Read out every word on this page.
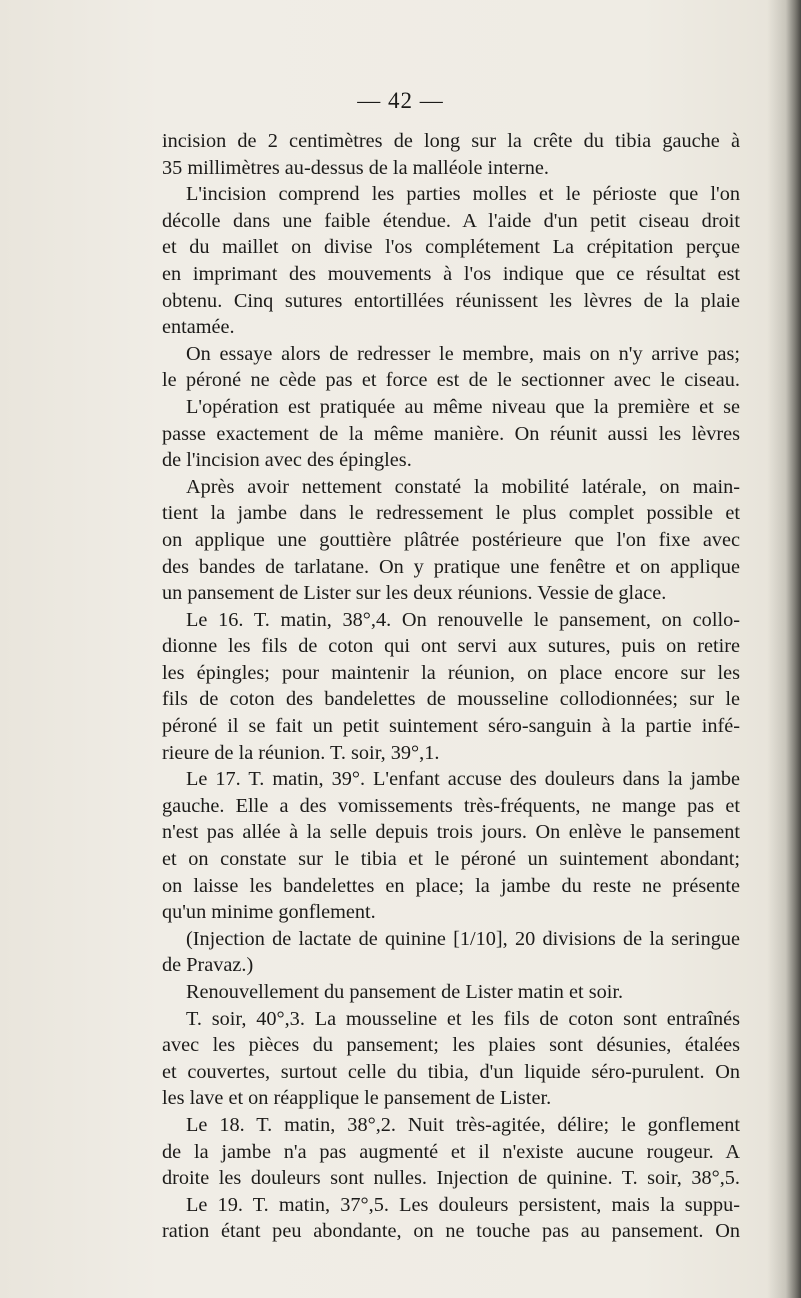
— 42 —
incision de 2 centimètres de long sur la crête du tibia gauche à
35 millimètres au-dessus de la malléole interne.
L'incision comprend les parties molles et le périoste que l'on
décolle dans une faible étendue. A l'aide d'un petit ciseau droit
et du maillet on divise l'os complétement La crépitation perçue
en imprimant des mouvements à l'os indique que ce résultat est
obtenu. Cinq sutures entortillées réunissent les lèvres de la plaie
entamée.
On essaye alors de redresser le membre, mais on n'y arrive pas;
le péroné ne cède pas et force est de le sectionner avec le ciseau.
L'opération est pratiquée au même niveau que la première et se
passe exactement de la même manière. On réunit aussi les lèvres
de l'incision avec des épingles.
Après avoir nettement constaté la mobilité latérale, on main-
tient la jambe dans le redressement le plus complet possible et
on applique une gouttière plâtrée postérieure que l'on fixe avec
des bandes de tarlatane. On y pratique une fenêtre et on applique
un pansement de Lister sur les deux réunions. Vessie de glace.
Le 16. T. matin, 38°,4. On renouvelle le pansement, on collo-
dionne les fils de coton qui ont servi aux sutures, puis on retire
les épingles; pour maintenir la réunion, on place encore sur les
fils de coton des bandelettes de mousseline collodionnées; sur le
péroné il se fait un petit suintement séro-sanguin à la partie infé-
rieure de la réunion. T. soir, 39°,1.
Le 17. T. matin, 39°. L'enfant accuse des douleurs dans la jambe
gauche. Elle a des vomissements très-fréquents, ne mange pas et
n'est pas allée à la selle depuis trois jours. On enlève le pansement
et on constate sur le tibia et le péroné un suintement abondant;
on laisse les bandelettes en place; la jambe du reste ne présente
qu'un minime gonflement.
(Injection de lactate de quinine [1/10], 20 divisions de la seringue
de Pravaz.)
Renouvellement du pansement de Lister matin et soir.
T. soir, 40°,3. La mousseline et les fils de coton sont entraînés
avec les pièces du pansement; les plaies sont désunies, étalées
et couvertes, surtout celle du tibia, d'un liquide séro-purulent. On
les lave et on réapplique le pansement de Lister.
Le 18. T. matin, 38°,2. Nuit très-agitée, délire; le gonflement
de la jambe n'a pas augmenté et il n'existe aucune rougeur. A
droite les douleurs sont nulles. Injection de quinine. T. soir, 38°,5.
Le 19. T. matin, 37°,5. Les douleurs persistent, mais la suppu-
ration étant peu abondante, on ne touche pas au pansement. On
